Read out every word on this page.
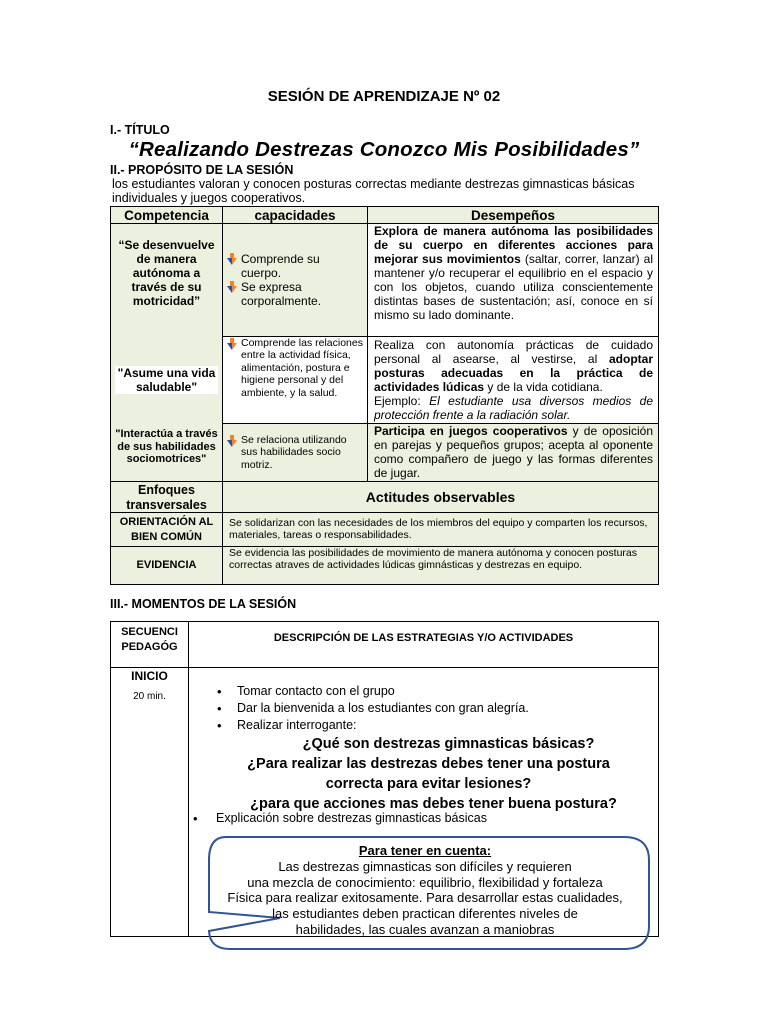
SESIÓN DE APRENDIZAJE Nº 02
I.- TÍTULO
“Realizando Destrezas Conozco Mis Posibilidades”
II.- PROPÓSITO DE LA SESIÓN
los estudiantes valoran y conocen posturas correctas mediante destrezas gimnasticas básicas individuales y juegos cooperativos.
Competencia	capacidades	Desempeños
“Se desenvuelve de manera autónoma a través de su motricidad”
"Asume una vida saludable"
"Interactúa a través de sus habilidades sociomotrices"
Comprende su cuerpo.
Se expresa corporalmente.
Explora de manera autónoma las posibilidades de su cuerpo en diferentes acciones para mejorar sus movimientos (saltar, correr, lanzar) al mantener y/o recuperar el equilibrio en el espacio y con los objetos, cuando utiliza conscientemente distintas bases de sustentación; así, conoce en sí mismo su lado dominante.
Comprende las relaciones entre la actividad física, alimentación, postura e higiene personal y del ambiente, y la salud.
Realiza con autonomía prácticas de cuidado personal al asearse, al vestirse, al adoptar posturas adecuadas en la práctica de actividades lúdicas y de la vida cotidiana.
Ejemplo: El estudiante usa diversos medios de protección frente a la radiación solar.
Se relaciona utilizando sus habilidades socio motriz.
Participa en juegos cooperativos y de oposición en parejas y pequeños grupos; acepta al oponente como compañero de juego y las formas diferentes de jugar.
Enfoques transversales	Actitudes observables
ORIENTACIÓN AL BIEN COMÚN
Se solidarizan con las necesidades de los miembros del equipo y comparten los recursos, materiales, tareas o responsabilidades.
EVIDENCIA
Se evidencia las posibilidades de movimiento de manera autónoma y conocen posturas correctas atraves de actividades lúdicas gimnásticas y destrezas en equipo.
III.- MOMENTOS DE LA SESIÓN
SECUENCI PEDAGÓG
DESCRIPCIÓN DE LAS ESTRATEGIAS Y/O ACTIVIDADES
INICIO
20 min.
•	Tomar contacto con el grupo
• Dar la bienvenida a los estudiantes con gran alegría.
• Realizar interrogante:
¿Qué son destrezas gimnasticas básicas?
¿Para realizar las destrezas debes tener una postura correcta para evitar lesiones?
¿para que acciones mas debes tener buena postura?
• Explicación sobre destrezas gimnasticas básicas
Para tener en cuenta:
Las destrezas gimnasticas son difíciles y requieren
una mezcla de conocimiento: equilibrio, flexibilidad y fortaleza
Física para realizar exitosamente. Para desarrollar estas cualidades,
las estudiantes deben practican diferentes niveles de
habilidades, las cuales avanzan a maniobras
